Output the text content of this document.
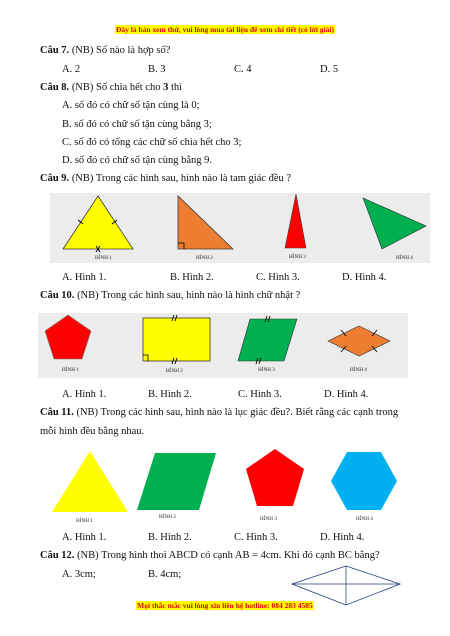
Đây là bản xem thử, vui lòng mua tài liệu để xem chi tiết (có lời giải)
Câu 7. (NB) Số nào là hợp số?
A. 2	B. 3	C. 4	D. 5
Câu 8. (NB) Số chia hết cho 3 thì
A. số đó có chữ số tận cùng là 0;
B. số đó có chữ số tận cùng bằng 3;
C. số đó có tổng các chữ số chia hết cho 3;
D. số đó có chữ số tận cùng bằng 9.
Câu 9. (NB) Trong các hình sau, hình nào là tam giác đều ?
HÌNH 1	HÌNH 2	HÌNH 3	HÌNH 4
HÌNH 1	HÌNH 2	HÌNH 3	HÌNH 4
HÌNH 1
HÌNH 2	HÌNH 3	HÌNH 4
A. Hình 1.	B. Hình 2.	C. Hình 3.	D. Hình 4.
Câu 10. (NB) Trong các hình sau, hình nào là hình chữ nhật ?
A. Hình 1.	B. Hình 2.	C. Hình 3.	D. Hình 4.
Câu 11. (NB) Trong các hình sau, hình nào là lục giác đều?. Biết rằng các cạnh trong
mỗi hình đều bằng nhau.
A. Hình 1.	B. Hình 2.	C. Hình 3.	D. Hình 4.
Câu 12. (NB) Trong hình thoi ABCD có cạnh AB = 4cm. Khi đó cạnh BC bằng?
A. 3cm;	B. 4cm;
Mọi thắc mắc vui lòng xin liên hệ hotline: 084 283 4585
